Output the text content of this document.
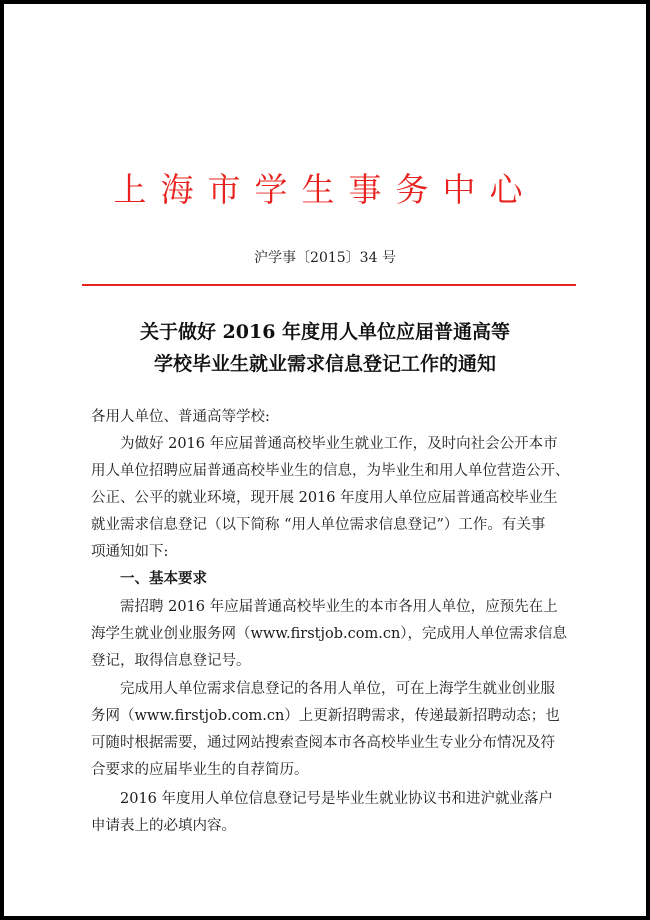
上海市学生事务中心
沪学事〔2015〕34 号
关于做好 2016 年度用人单位应届普通高等
学校毕业生就业需求信息登记工作的通知
各用人单位、普通高等学校:
为做好 2016 年应届普通高校毕业生就业工作，及时向社会公开本市
用人单位招聘应届普通高校毕业生的信息，为毕业生和用人单位营造公开、
公正、公平的就业环境，现开展 2016 年度用人单位应届普通高校毕业生
就业需求信息登记（以下简称 “用人单位需求信息登记”）工作。有关事
项通知如下:
一、基本要求
需招聘 2016 年应届普通高校毕业生的本市各用人单位，应预先在上
海学生就业创业服务网（www.firstjob.com.cn），完成用人单位需求信息
登记，取得信息登记号。
完成用人单位需求信息登记的各用人单位，可在上海学生就业创业服
务网（www.firstjob.com.cn）上更新招聘需求，传递最新招聘动态；也
可随时根据需要，通过网站搜索查阅本市各高校毕业生专业分布情况及符
合要求的应届毕业生的自荐简历。
2016 年度用人单位信息登记号是毕业生就业协议书和进沪就业落户
申请表上的必填内容。
